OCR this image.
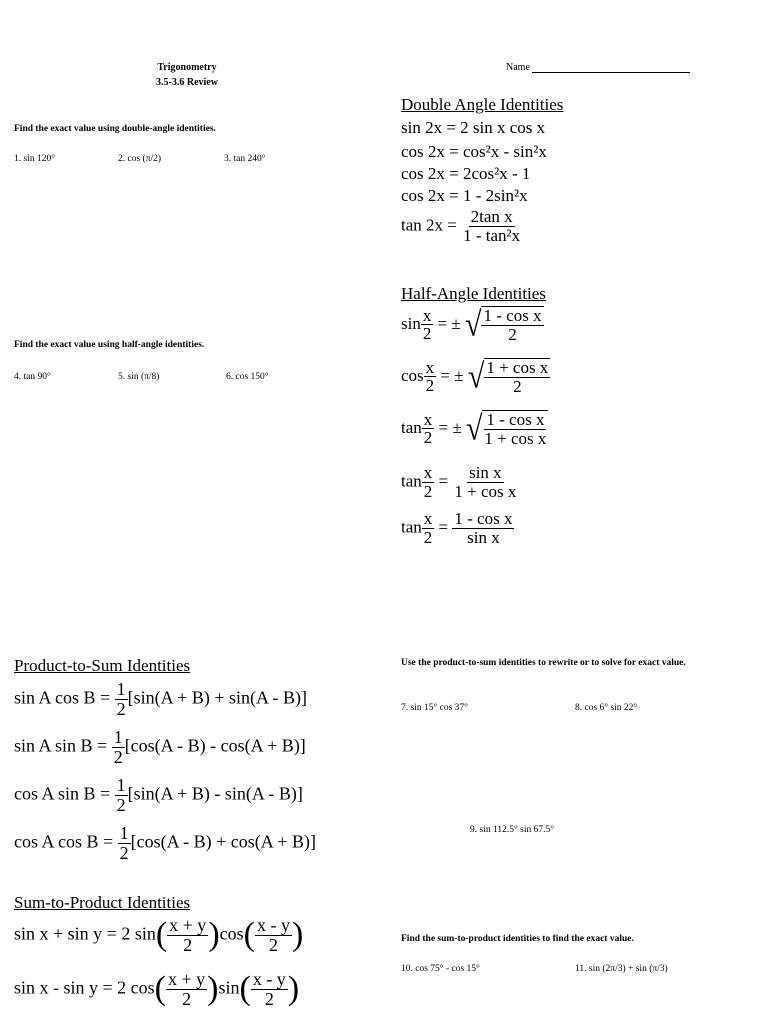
Trigonometry
3.5-3.6 Review
Name
Find the exact value using double-angle identities.
1. sin 120°	2. cos (π/2)	3. tan 240°
Find the exact value using half-angle identities.
4. tan 90°	5. sin (π/8)	6. cos 150°
Double Angle Identities
sin 2x = 2 sin x cos x
cos 2x = cos²x - sin²x
cos 2x = 2cos²x - 1
cos 2x = 1 - 2sin²x
$\tan 2x = \frac{\text{2tan x}}{\text{1 - tan²x}}$
Half-Angle Identities
$\sin \frac{x}{2}$ = ± √ $\frac{\text{1 - cos x}}{2}$
$\cos \frac{x}{2}$ = ± √ $\frac{\text{1 + cos x}}{2}$
$\tan \frac{x}{2}$ = ± √ $\frac{\text{1 - cos x}}{\text{1 + cos x}}$
$\tan \frac{x}{2} = \frac{\text{sin x}}{\text{1 + cos x}}$
$\tan \frac{x}{2} = \frac{\text{1 - cos x}}{\text{sin x}}$
Product-to-Sum Identities
sin A $\cos B = \frac{1}{2} [\sin(A + B) + \sin(A - B)]$
sin A $\sin B = \frac{1}{2} [\cos(A - B) - \cos(A + B)]$
cos A $\sin B = \frac{1}{2} [\sin(A + B) - \sin(A - B)]$
cos A $\cos B = \frac{1}{2} [\cos(A - B) + \cos(A + B)]$
Sum-to-Product Identities
sin x + sin y = 2 sin ( $\frac{x + y}{2}$ ) cos ( $\frac{x - y}{2}$ )
sin x - sin y = 2 cos ( $\frac{x + y}{2}$ ) sin ( $\frac{x - y}{2}$ )
Use the product-to-sum identities to rewrite or to solve for exact value.
7. sin 15° cos 37°	8. cos 6° sin 22°
9. sin 112.5° sin 67.5°
Find the sum-to-product identities to find the exact value.
10. cos 75° - cos 15°	11. sin (2π/3) + sin (π/3)
